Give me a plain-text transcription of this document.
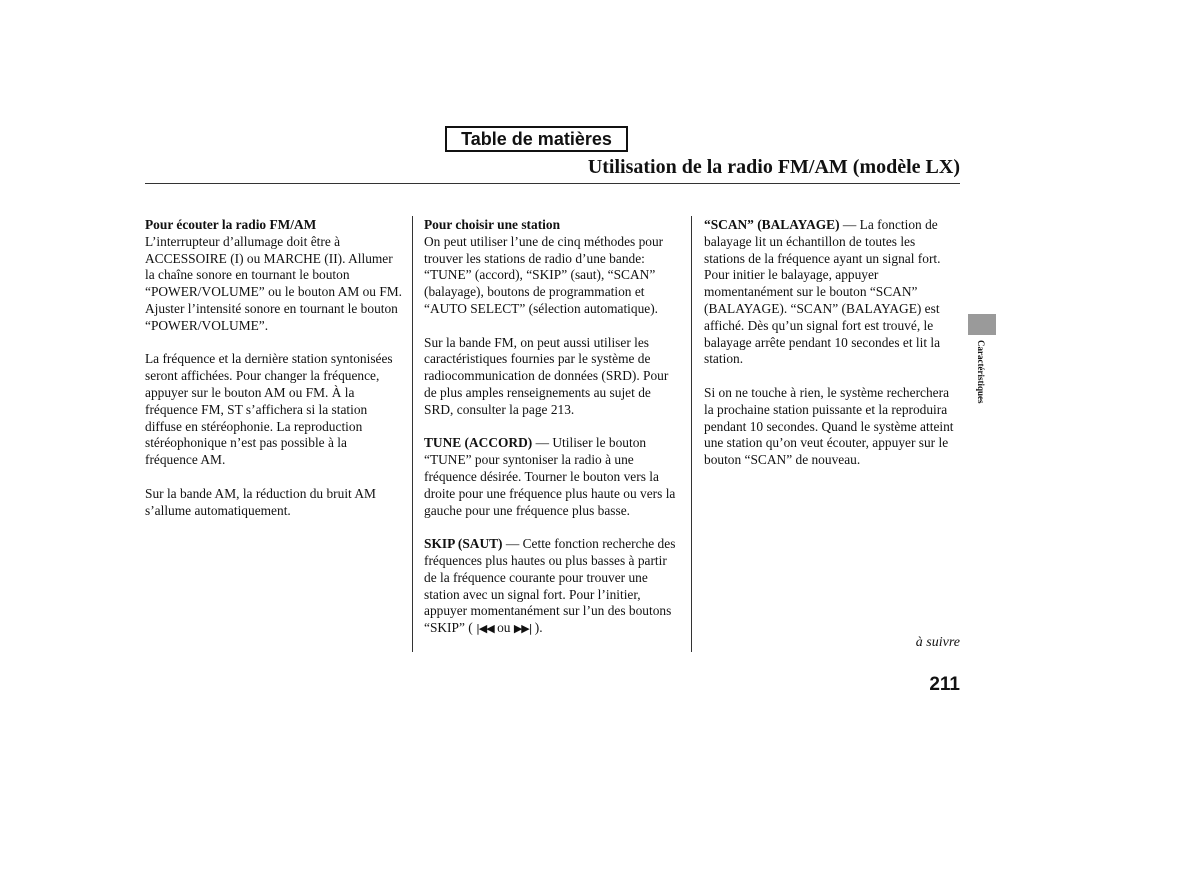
Table de matières
Utilisation de la radio FM/AM (modèle LX)

Pour écouter la radio FM/AM
L’interrupteur d’allumage doit être à ACCESSOIRE (I) ou MARCHE (II). Allumer la chaîne sonore en tournant le bouton “POWER/VOLUME” ou le bouton AM ou FM. Ajuster l’intensité sonore en tournant le bouton “POWER/VOLUME”.

La fréquence et la dernière station syntonisées seront affichées. Pour changer la fréquence, appuyer sur le bouton AM ou FM. À la fréquence FM, ST s’affichera si la station diffuse en stéréophonie. La reproduction stéréophonique n’est pas possible à la fréquence AM.

Sur la bande AM, la réduction du bruit AM s’allume automatiquement.

Pour choisir une station
On peut utiliser l’une de cinq méthodes pour trouver les stations de radio d’une bande: “TUNE” (accord), “SKIP” (saut), “SCAN” (balayage), boutons de programmation et “AUTO SELECT” (sélection automatique).

Sur la bande FM, on peut aussi utiliser les caractéristiques fournies par le système de radiocommunication de données (SRD). Pour de plus amples renseignements au sujet de SRD, consulter la page 213.

TUNE (ACCORD) — Utiliser le bouton “TUNE” pour syntoniser la radio à une fréquence désirée. Tourner le bouton vers la droite pour une fréquence plus haute ou vers la gauche pour une fréquence plus basse.

SKIP (SAUT) — Cette fonction recherche des fréquences plus hautes ou plus basses à partir de la fréquence courante pour trouver une station avec un signal fort. Pour l’initier, appuyer momentanément sur l’un des boutons “SKIP” ( |◀◀ ou ▶▶| ).

“SCAN” (BALAYAGE) — La fonction de balayage lit un échantillon de toutes les stations de la fréquence ayant un signal fort. Pour initier le balayage, appuyer momentanément sur le bouton “SCAN” (BALAYAGE). “SCAN” (BALAYAGE) est affiché. Dès qu’un signal fort est trouvé, le balayage arrête pendant 10 secondes et lit la station.

Si on ne touche à rien, le système recherchera la prochaine station puissante et la reproduira pendant 10 secondes. Quand le système atteint une station qu’on veut écouter, appuyer sur le bouton “SCAN” de nouveau.

Caractéristiques
à suivre
211
